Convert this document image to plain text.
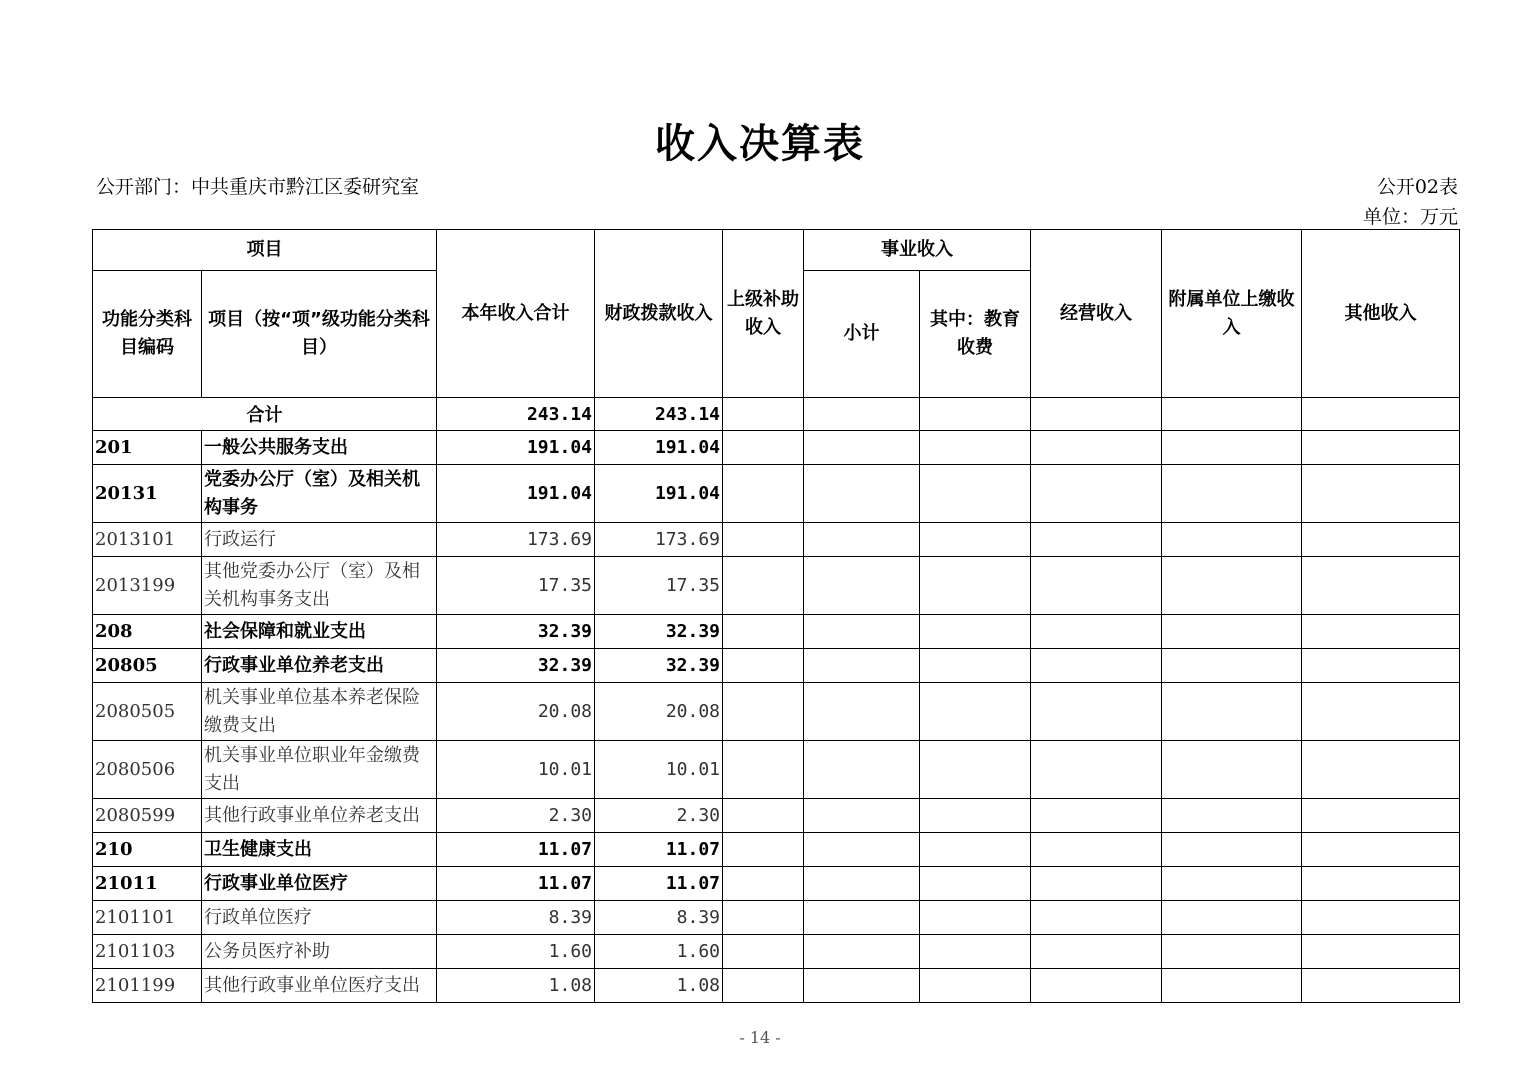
收入决算表
公开部门：中共重庆市黔江区委研究室	公开02表
单位：万元
项目		本年收入合计	财政拨款收入	上级补助收入	事业收入		经营收入	附属单位上缴收入	其他收入
功能分类科目编码	项目（按“项”级功能分类科目）				小计	其中：教育收费			
合计		243.14	243.14						
201	一般公共服务支出	191.04	191.04						
20131	党委办公厅（室）及相关机构事务	191.04	191.04						
2013101	行政运行	173.69	173.69						
2013199	其他党委办公厅（室）及相关机构事务支出	17.35	17.35						
208	社会保障和就业支出	32.39	32.39						
20805	行政事业单位养老支出	32.39	32.39						
2080505	机关事业单位基本养老保险缴费支出	20.08	20.08						
2080506	机关事业单位职业年金缴费支出	10.01	10.01						
2080599	其他行政事业单位养老支出	2.30	2.30						
210	卫生健康支出	11.07	11.07						
21011	行政事业单位医疗	11.07	11.07						
2101101	行政单位医疗	8.39	8.39						
2101103	公务员医疗补助	1.60	1.60						
2101199	其他行政事业单位医疗支出	1.08	1.08						
- 14 -
